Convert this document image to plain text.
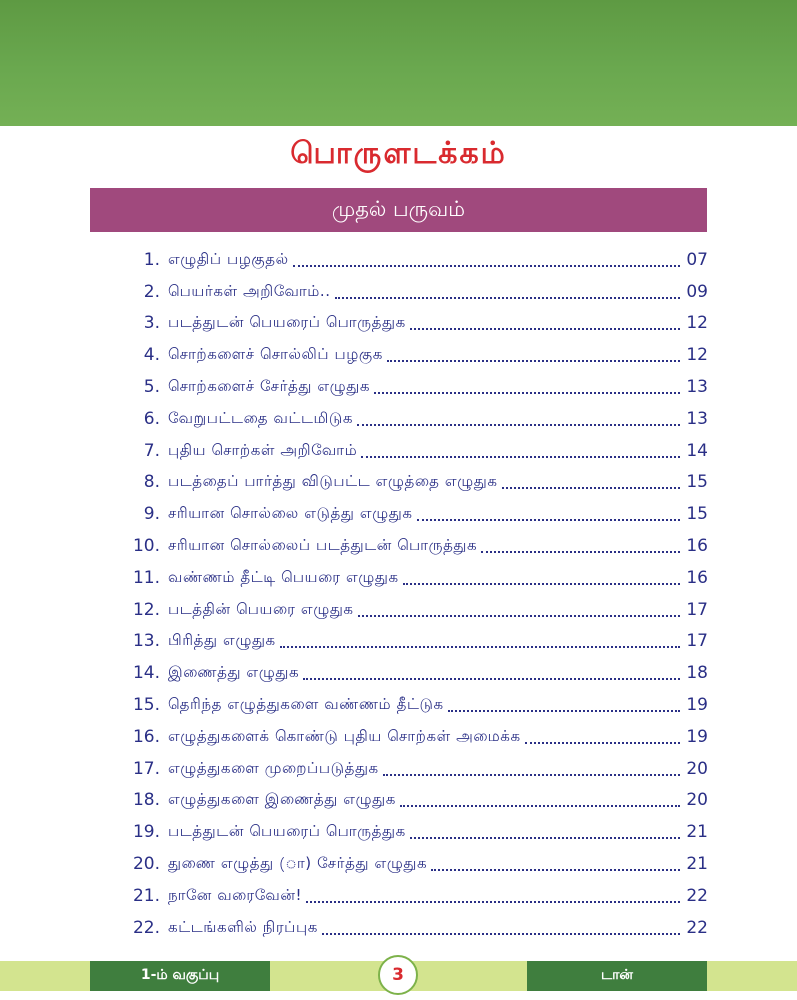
பொருளடக்கம்
முதல் பருவம்
1. எழுதிப் பழகுதல்	07
2. பெயர்கள் அறிவோம்..	09
3. படத்துடன் பெயரைப் பொருத்துக	12
4. சொற்களைச் சொல்லிப் பழகுக	12
5. சொற்களைச் சேர்த்து எழுதுக	13
6. வேறுபட்டதை வட்டமிடுக	13
7. புதிய சொற்கள் அறிவோம்	14
8. படத்தைப் பார்த்து விடுபட்ட எழுத்தை எழுதுக	15
9. சரியான சொல்லை எடுத்து எழுதுக	15
10. சரியான சொல்லைப் படத்துடன் பொருத்துக	16
11. வண்ணம் தீட்டி பெயரை எழுதுக	16
12. படத்தின் பெயரை எழுதுக	17
13. பிரித்து எழுதுக	17
14. இணைத்து எழுதுக	18
15. தெரிந்த எழுத்துகளை வண்ணம் தீட்டுக	19
16. எழுத்துகளைக் கொண்டு புதிய சொற்கள் அமைக்க	19
17. எழுத்துகளை முறைப்படுத்துக	20
18. எழுத்துகளை இணைத்து எழுதுக	20
19. படத்துடன் பெயரைப் பொருத்துக	21
20. துணை எழுத்து (ா) சேர்த்து எழுதுக	21
21. நானே வரைவேன்!	22
22. கட்டங்களில் நிரப்புக	22
1-ம் வகுப்பு	3	டான்
